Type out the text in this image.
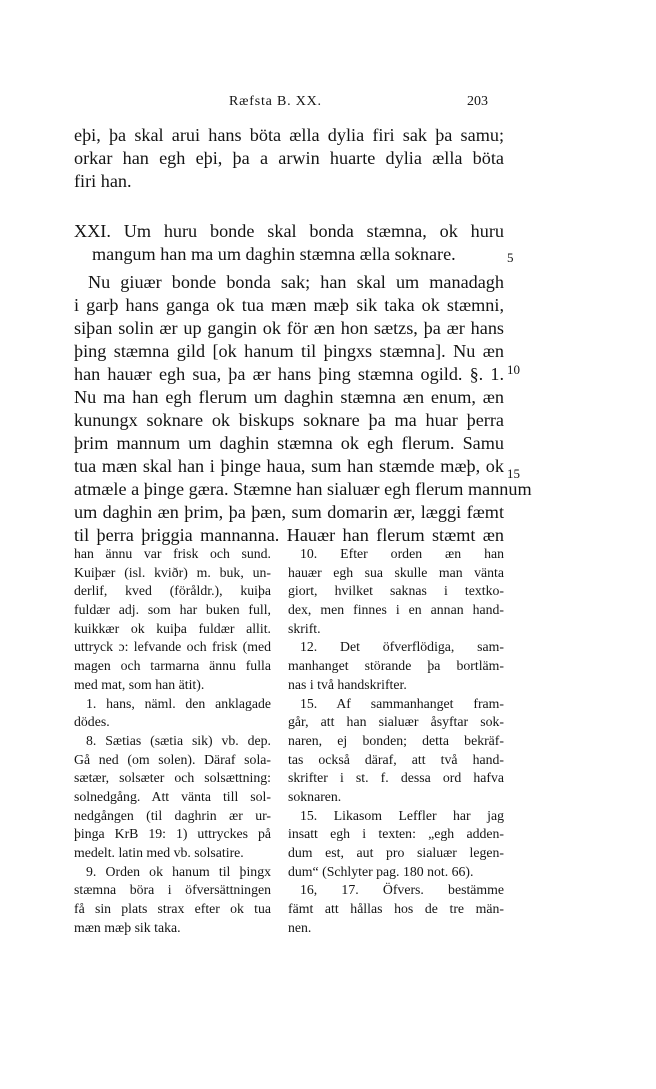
Ræfsta B. XX.	203
eþi, þa skal arui hans böta ælla dylia firi sak þa samu;
orkar han egh eþi, þa a arwin huarte dylia ælla böta
firi han.
XXI. Um huru bonde skal bonda stæmna, ok huru
mangum han ma um daghin stæmna ælla soknare.
Nu giuær bonde bonda sak; han skal um manadagh
i garþ hans ganga ok tua mæn mæþ sik taka ok stæmni,
siþan solin ær up gangin ok för æn hon sætzs, þa ær hans
þing stæmna gild [ok hanum til þingxs stæmna]. Nu æn
han hauær egh sua, þa ær hans þing stæmna ogild. §. 1.
Nu ma han egh flerum um daghin stæmna æn enum, æn
kunungx soknare ok biskups soknare þa ma huar þerra
þrim mannum um daghin stæmna ok egh flerum. Samu
tua mæn skal han i þinge haua, sum han stæmde mæþ, ok
atmæle a þinge gæra. Stæmne han sialuær egh flerum mannum
um daghin æn þrim, þa þæn, sum domarin ær, læggi fæmt
til þerra þriggia mannanna. Hauær han flerum stæmt æn
5
10
15
han ännu var frisk och sund.
Kuiþær (isl. kviðr) m. buk, un-
derlif, kved (föråldr.), kuiþa
fuldær adj. som har buken full,
kuikkær ok kuiþa fuldær allit.
uttryck ɔ: lefvande och frisk (med
magen och tarmarna ännu fulla
med mat, som han ätit).
1. hans, näml. den anklagade
dödes.
8. Sætias (sætia sik) vb. dep.
Gå ned (om solen). Däraf sola-
sætær, solsæter och solsættning:
solnedgång. Att vänta till sol-
nedgången (til daghrin ær ur-
þinga KrB 19: 1) uttryckes på
medelt. latin med vb. solsatire.
9. Orden ok hanum til þingx
stæmna böra i öfversättningen
få sin plats strax efter ok tua
mæn mæþ sik taka.
10. Efter orden æn han
hauær egh sua skulle man vänta
giort, hvilket saknas i textko-
dex, men finnes i en annan hand-
skrift.
12. Det öfverflödiga, sam-
manhanget störande þa bortläm-
nas i två handskrifter.
15. Af sammanhanget fram-
går, att han sialuær åsyftar sok-
naren, ej bonden; detta bekräf-
tas också däraf, att två hand-
skrifter i st. f. dessa ord hafva
soknaren.
15. Likasom Leffler har jag
insatt egh i texten: „egh adden-
dum est, aut pro sialuær legen-
dum“ (Schlyter pag. 180 not. 66).
16, 17. Öfvers. bestämme
fämt att hållas hos de tre män-
nen.
